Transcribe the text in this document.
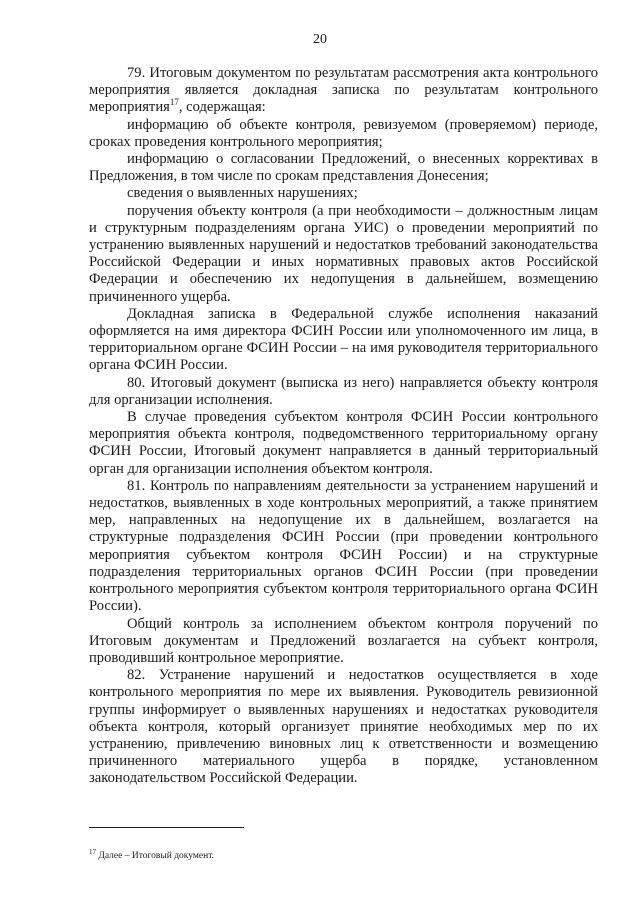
20

79. Итоговым документом по результатам рассмотрения акта контрольного мероприятия является докладная записка по результатам контрольного мероприятия$^{17}$, содержащая:

информацию об объекте контроля, ревизуемом (проверяемом) периоде, сроках проведения контрольного мероприятия;

информацию о согласовании Предложений, о внесенных коррективах в Предложения, в том числе по срокам представления Донесения;

сведения о выявленных нарушениях;

поручения объекту контроля (а при необходимости – должностным лицам и структурным подразделениям органа УИС) о проведении мероприятий по устранению выявленных нарушений и недостатков требований законодательства Российской Федерации и иных нормативных правовых актов Российской Федерации и обеспечению их недопущения в дальнейшем, возмещению причиненного ущерба.

Докладная записка в Федеральной службе исполнения наказаний оформляется на имя директора ФСИН России или уполномоченного им лица, в территориальном органе ФСИН России – на имя руководителя территориального органа ФСИН России.

80. Итоговый документ (выписка из него) направляется объекту контроля для организации исполнения.

В случае проведения субъектом контроля ФСИН России контрольного мероприятия объекта контроля, подведомственного территориальному органу ФСИН России, Итоговый документ направляется в данный территориальный орган для организации исполнения объектом контроля.

81. Контроль по направлениям деятельности за устранением нарушений и недостатков, выявленных в ходе контрольных мероприятий, а также принятием мер, направленных на недопущение их в дальнейшем, возлагается на структурные подразделения ФСИН России (при проведении контрольного мероприятия субъектом контроля ФСИН России) и на структурные подразделения территориальных органов ФСИН России (при проведении контрольного мероприятия субъектом контроля территориального органа ФСИН России).

Общий контроль за исполнением объектом контроля поручений по Итоговым документам и Предложений возлагается на субъект контроля, проводивший контрольное мероприятие.

82. Устранение нарушений и недостатков осуществляется в ходе контрольного мероприятия по мере их выявления. Руководитель ревизионной группы информирует о выявленных нарушениях и недостатках руководителя объекта контроля, который организует принятие необходимых мер по их устранению, привлечению виновных лиц к ответственности и возмещению причиненного материального ущерба в порядке, установленном законодательством Российской Федерации.

$^{17}$ Далее – Итоговый документ.
